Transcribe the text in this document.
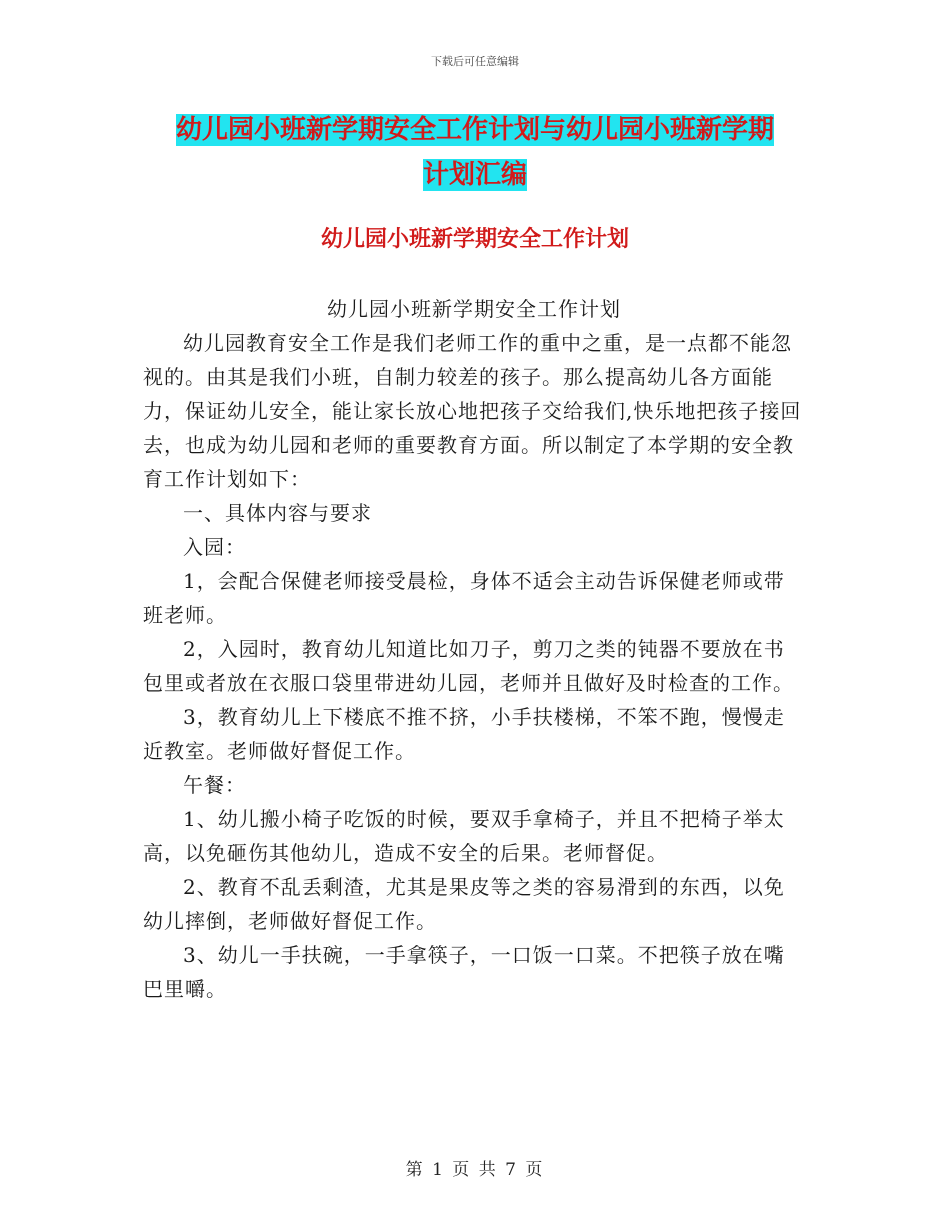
下载后可任意编辑
幼儿园小班新学期安全工作计划与幼儿园小班新学期
计划汇编
幼儿园小班新学期安全工作计划

幼儿园小班新学期安全工作计划

幼儿园教育安全工作是我们老师工作的重中之重，是一点都不能忽视的。由其是我们小班，自制力较差的孩子。那么提高幼儿各方面能力，保证幼儿安全，能让家长放心地把孩子交给我们,快乐地把孩子接回去，也成为幼儿园和老师的重要教育方面。所以制定了本学期的安全教育工作计划如下：

一、具体内容与要求

入园：

1，会配合保健老师接受晨检，身体不适会主动告诉保健老师或带班老师。

2，入园时，教育幼儿知道比如刀子，剪刀之类的钝器不要放在书包里或者放在衣服口袋里带进幼儿园，老师并且做好及时检查的工作。

3，教育幼儿上下楼底不推不挤，小手扶楼梯，不笨不跑，慢慢走近教室。老师做好督促工作。

午餐：

1、幼儿搬小椅子吃饭的时候，要双手拿椅子，并且不把椅子举太高，以免砸伤其他幼儿，造成不安全的后果。老师督促。

2、教育不乱丢剩渣，尤其是果皮等之类的容易滑到的东西，以免幼儿摔倒，老师做好督促工作。

3、幼儿一手扶碗，一手拿筷子，一口饭一口菜。不把筷子放在嘴巴里嚼。

第 1 页 共 7 页
